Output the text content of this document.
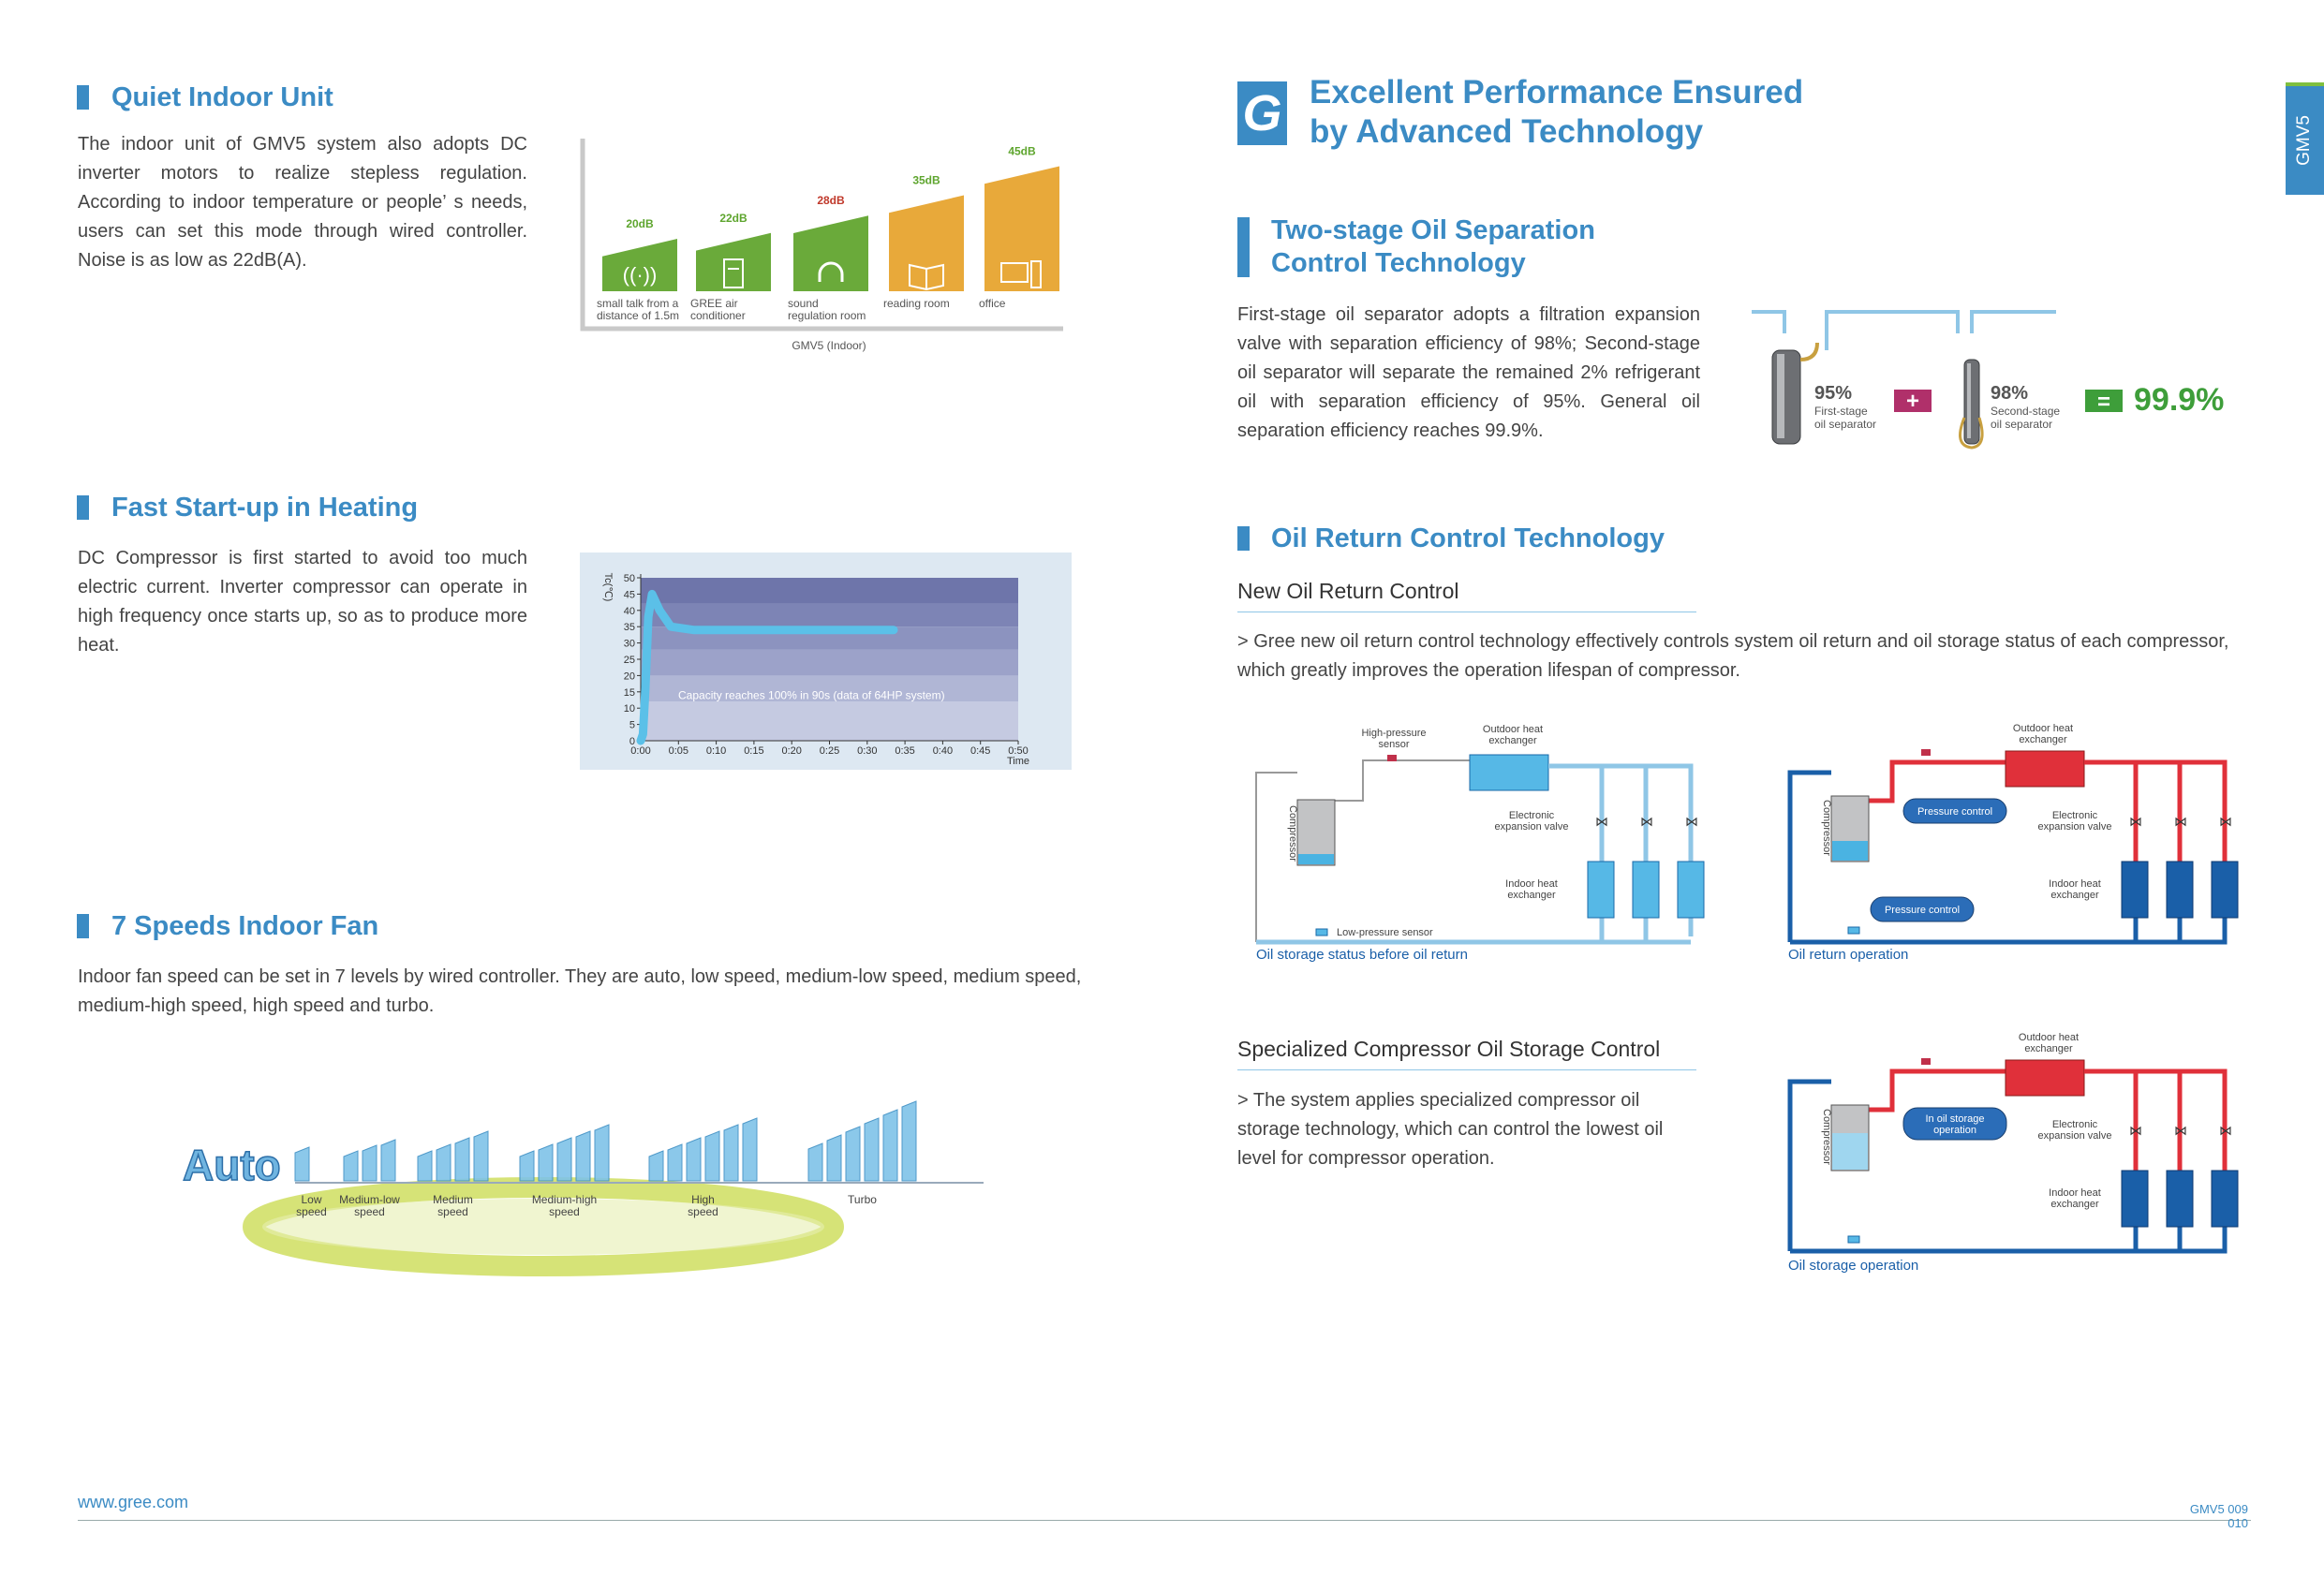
Quiet Indoor Unit
The indoor unit of GMV5 system also adopts DC inverter motors to realize stepless regulation. According to indoor temperature or people’ s needs, users can set this mode through wired controller. Noise is as low as 22dB(A).
20dB
((·))
small talk from a distance of 1.5m
22dB
GREE air conditioner
28dB
sound regulation room
35dB
reading room
45dB
office
GMV5 (Indoor)
Fast Start-up in Heating
DC Compressor is first started to avoid too much electric current. Inverter compressor can operate in high frequency once starts up, so as to produce more heat.
0
5
10
15
20
25
30
35
40
45
50
0:00 0:05 0:10 0:15 0:20 0:25 0:30 0:35 0:40 0:45 0:50
Time
Tc(℃)
Capacity reaches 100% in 90s (data of 64HP system)
7 Speeds Indoor Fan
Indoor fan speed can be set in 7 levels by wired controller. They are auto, low speed, medium-low speed, medium speed, medium-high speed, high speed and turbo.
Auto
Low speed
Medium-low speed
Medium speed
Medium-high speed
High speed
Turbo
www.gree.com
G Excellent Performance Ensured
by Advanced Technology	GMV5
Two-stage Oil Separation
Control Technology
First-stage oil separator adopts a filtration expansion valve with separation efficiency of 98%; Second-stage oil separator will separate the remained 2% refrigerant oil with separation efficiency of 95%. General oil separation efficiency reaches 99.9%.
95%
First-stage oil separator
+	98%
Second-stage oil separator
= 99.9%
Oil Return Control Technology
New Oil Return Control
> Gree new oil return control technology effectively controls system oil return and oil storage status of each compressor, which greatly improves the operation lifespan of compressor.
⋈ ⋈ ⋈
Compressor
High-pressure sensor
Outdoor heat exchanger
Electronic expansion valve
Indoor heat exchanger
Low-pressure sensor
Oil storage status before oil return
⋈ ⋈ ⋈
Compressor
Outdoor heat exchanger
Pressure control	Electronic expansion valve
Indoor heat exchanger
Pressure control
Oil return operation
Specialized Compressor Oil Storage Control
> The system applies specialized compressor oil storage technology, which can control the lowest oil level for compressor operation.
⋈ ⋈ ⋈
Compressor
Outdoor heat exchanger
In oil storage operation	Electronic expansion valve
Indoor heat exchanger
Oil storage operation
GMV5 009
010
